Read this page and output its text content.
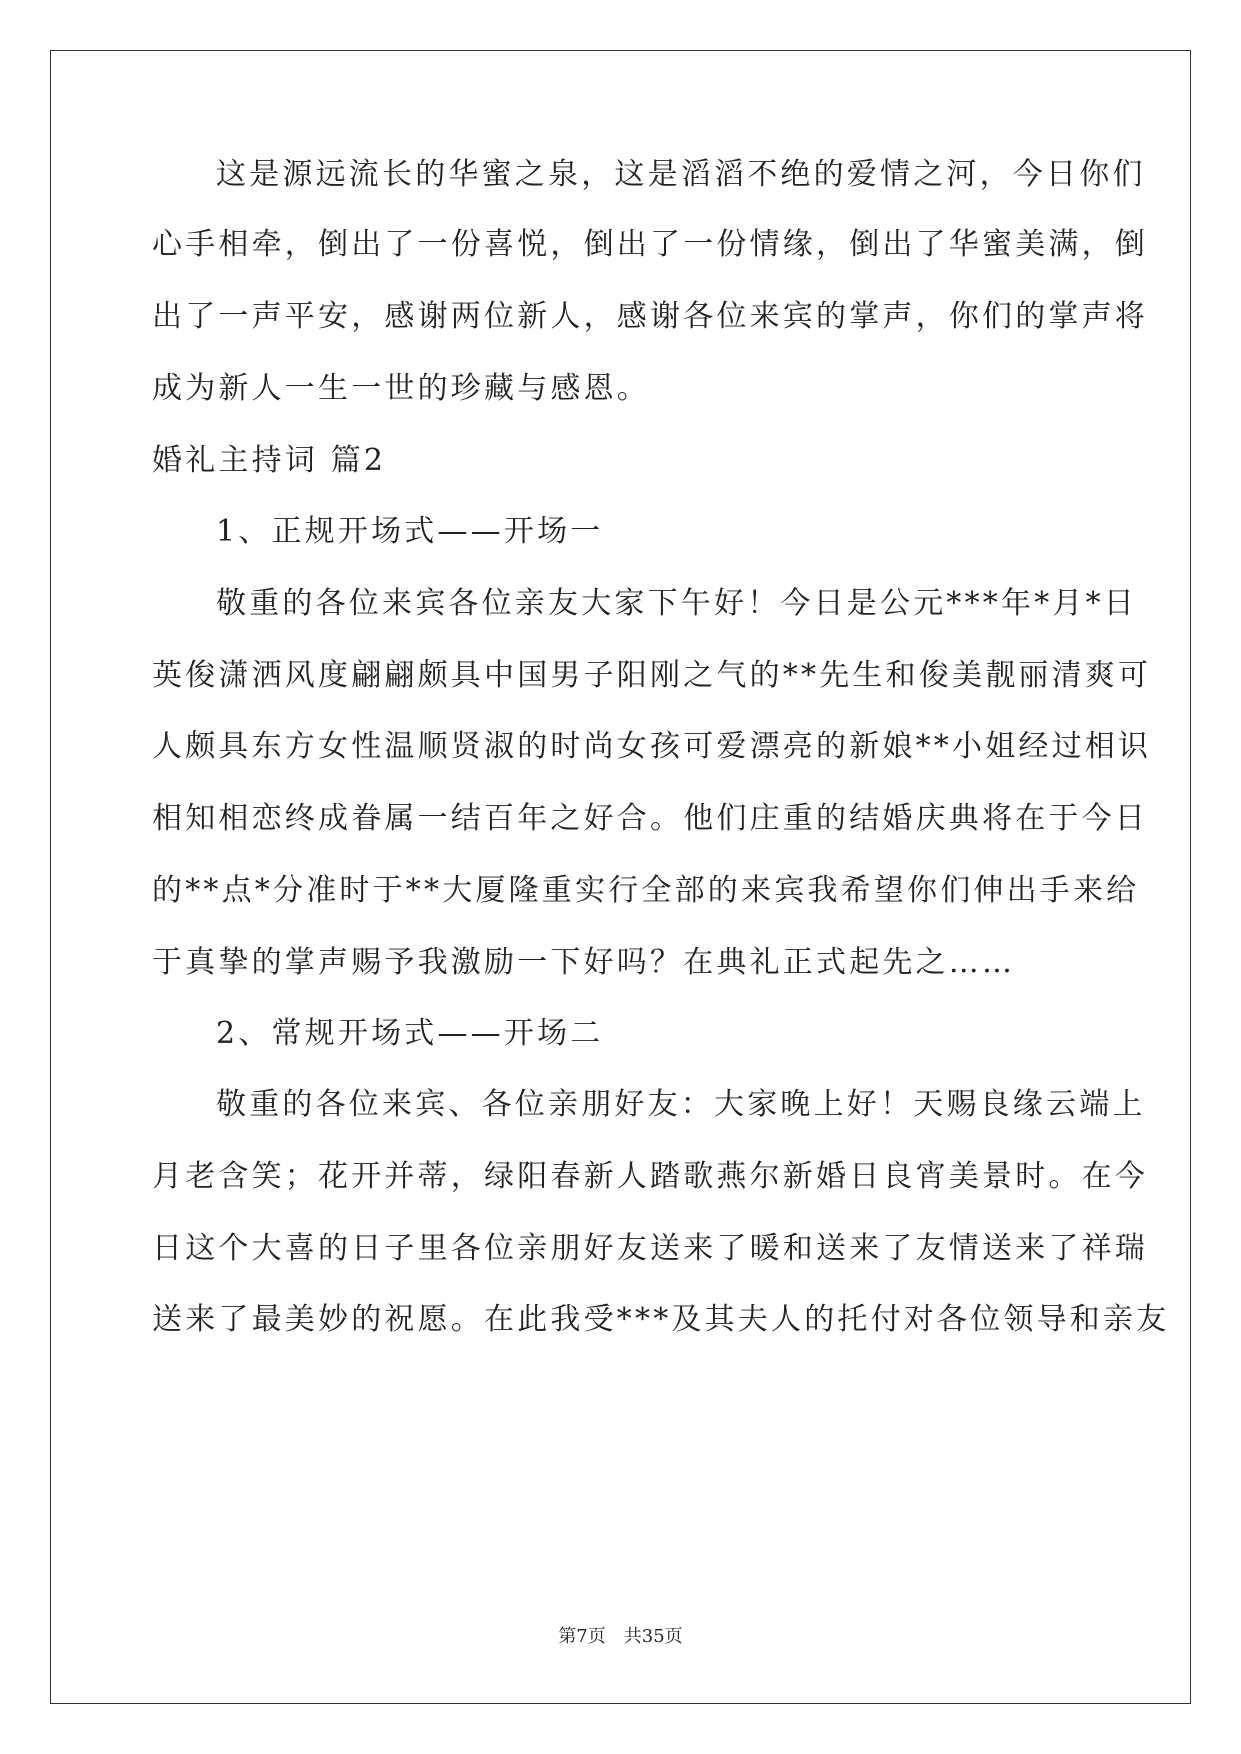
这是源远流长的华蜜之泉，这是滔滔不绝的爱情之河，今日你们
心手相牵，倒出了一份喜悦，倒出了一份情缘，倒出了华蜜美满，倒
出了一声平安，感谢两位新人，感谢各位来宾的掌声，你们的掌声将
成为新人一生一世的珍藏与感恩。
婚礼主持词 篇2
1、正规开场式——开场一
敬重的各位来宾各位亲友大家下午好！今日是公元***年*月*日
英俊潇洒风度翩翩颇具中国男子阳刚之气的**先生和俊美靓丽清爽可
人颇具东方女性温顺贤淑的时尚女孩可爱漂亮的新娘**小姐经过相识
相知相恋终成眷属一结百年之好合。他们庄重的结婚庆典将在于今日
的**点*分准时于**大厦隆重实行全部的来宾我希望你们伸出手来给
于真挚的掌声赐予我激励一下好吗？在典礼正式起先之……
2、常规开场式——开场二
敬重的各位来宾、各位亲朋好友：大家晚上好！天赐良缘云端上
月老含笑；花开并蒂，绿阳春新人踏歌燕尔新婚日良宵美景时。在今
日这个大喜的日子里各位亲朋好友送来了暖和送来了友情送来了祥瑞
送来了最美妙的祝愿。在此我受***及其夫人的托付对各位领导和亲友
第7页　共35页
